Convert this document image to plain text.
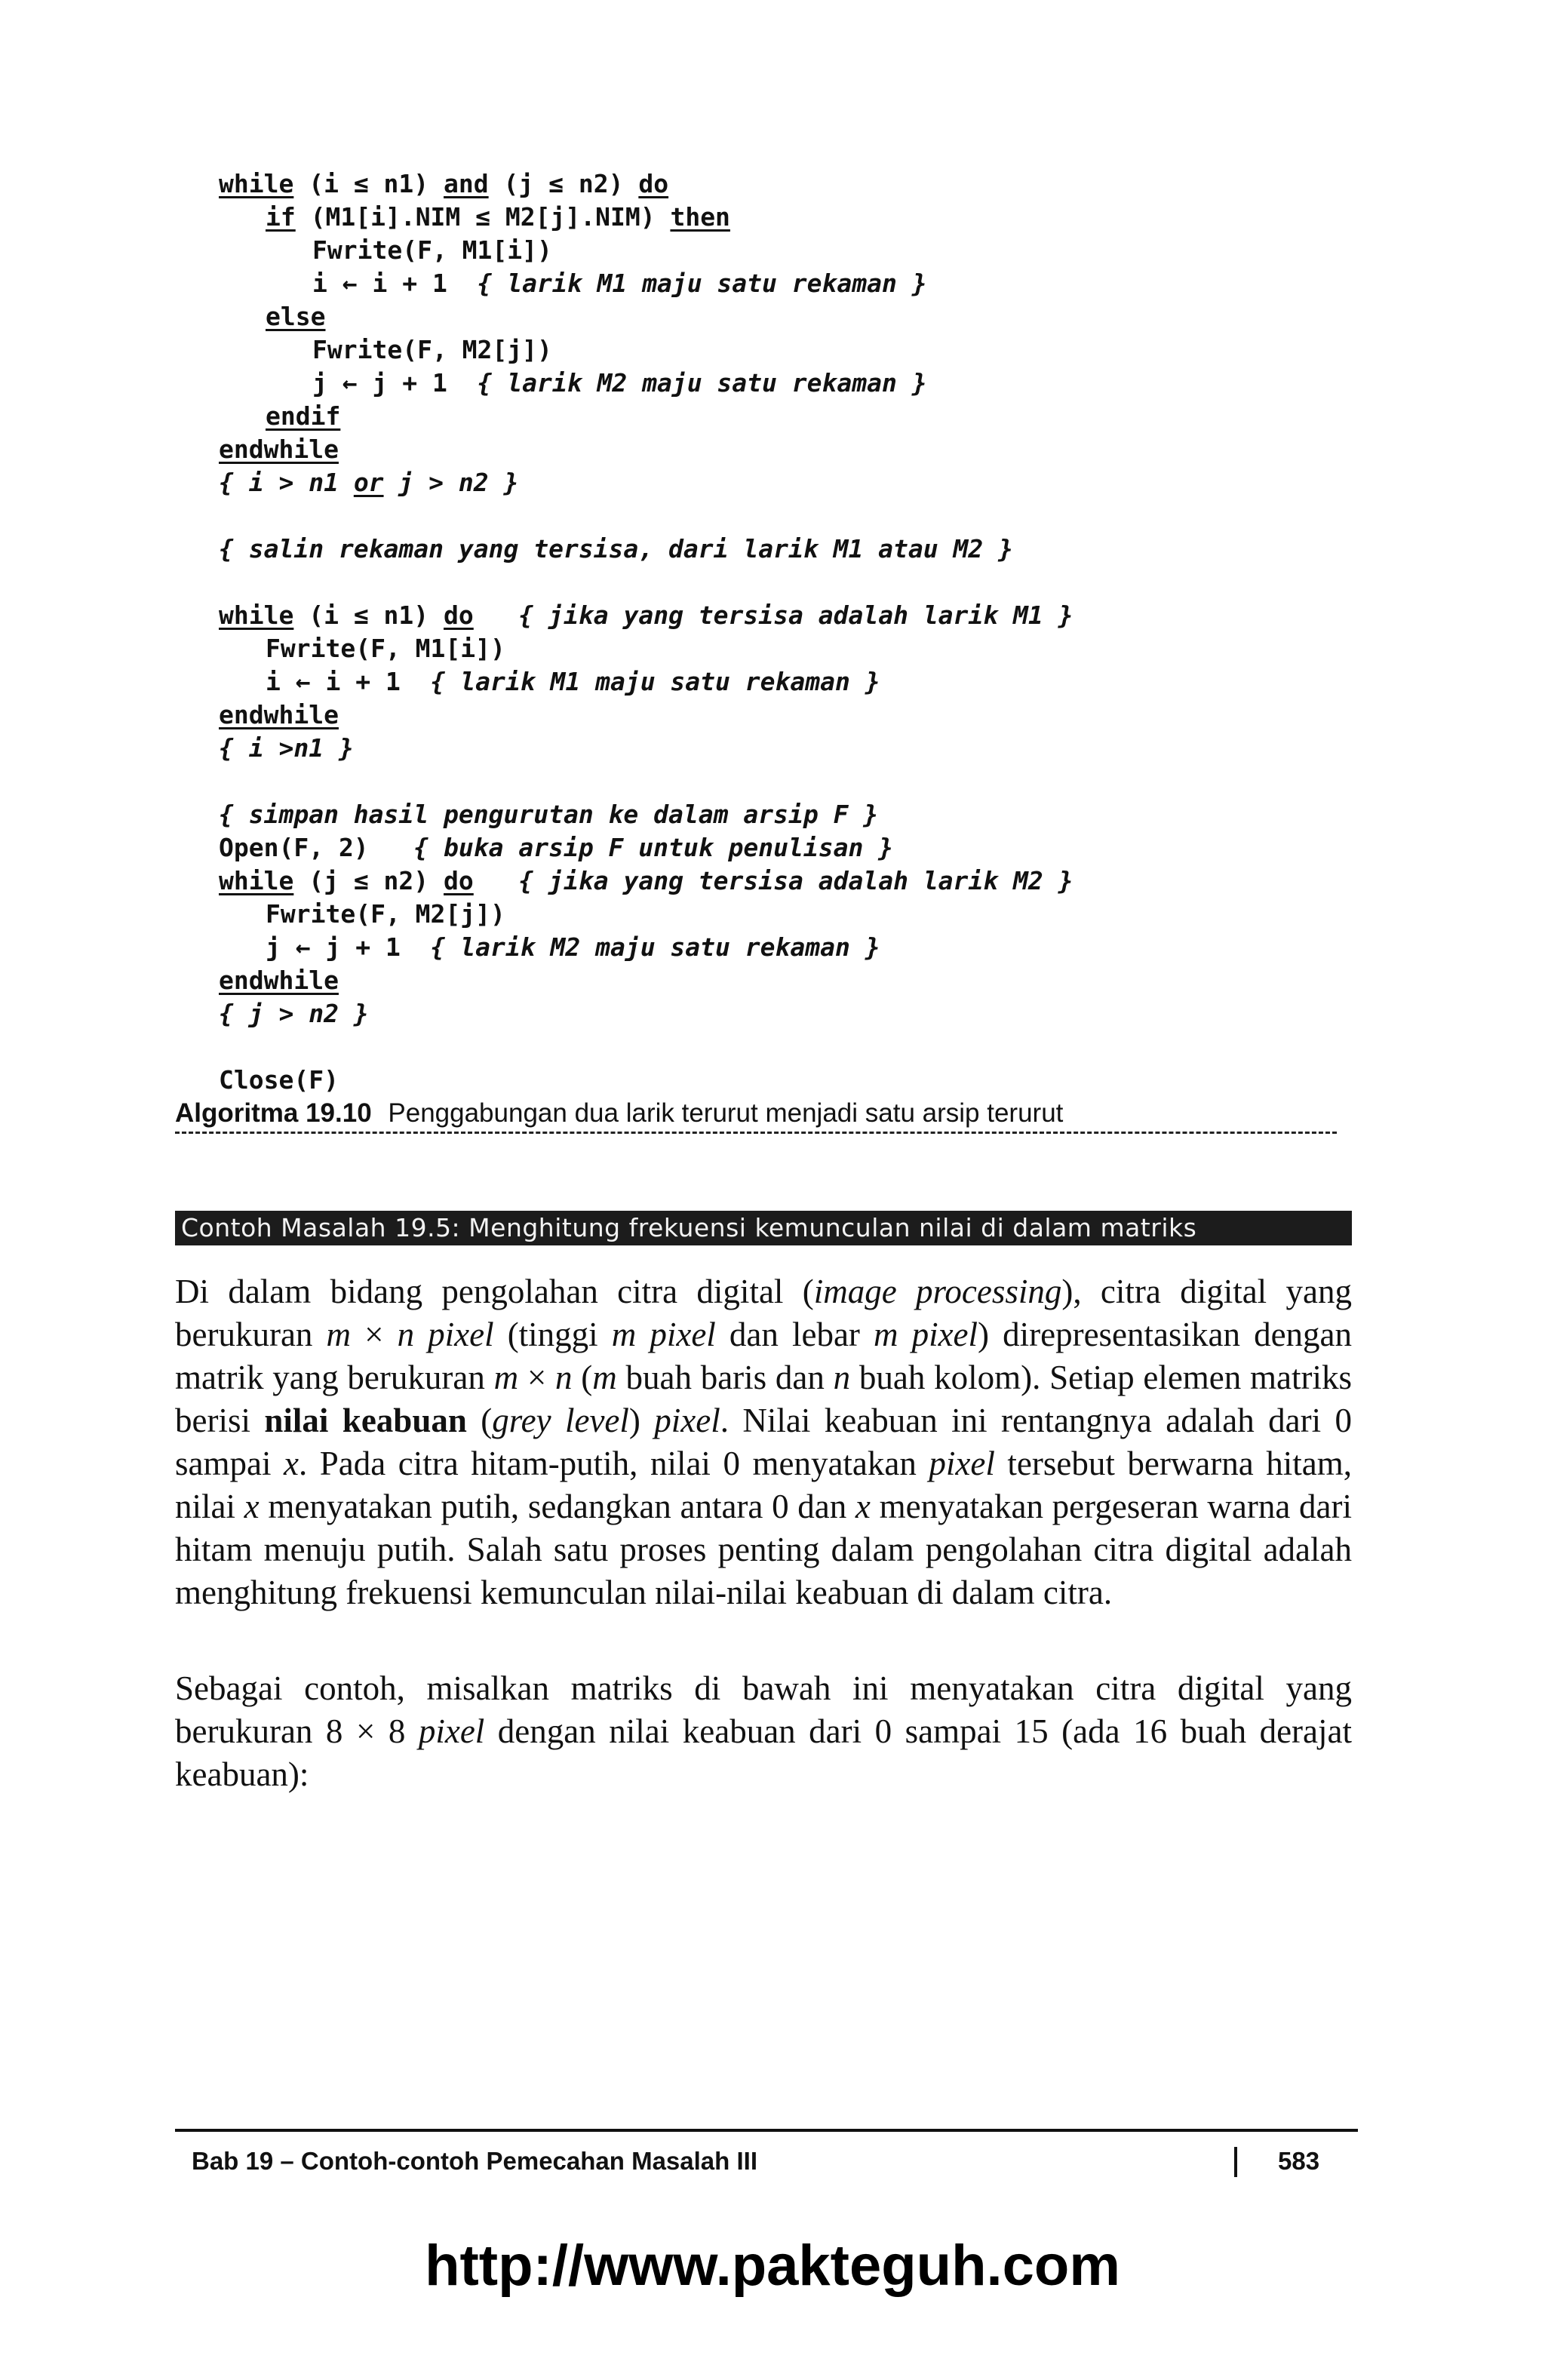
while (i ≤ n1) and (j ≤ n2) do
if (M1[i].NIM ≤ M2[j].NIM) then
Fwrite(F, M1[i])
i ← i + 1  { larik M1 maju satu rekaman }
else
Fwrite(F, M2[j])
j ← j + 1  { larik M2 maju satu rekaman }
endif
endwhile
{ i > n1 or j > n2 }
{ salin rekaman yang tersisa, dari larik M1 atau M2 }
while (i ≤ n1) do { jika yang tersisa adalah larik M1 }
Fwrite(F, M1[i])
i ← i + 1  { larik M1 maju satu rekaman }
endwhile
{ i >n1 }
{ simpan hasil pengurutan ke dalam arsip F }
Open(F, 2)   { buka arsip F untuk penulisan }
while (j ≤ n2) do { jika yang tersisa adalah larik M2 }
Fwrite(F, M2[j])
j ← j + 1  { larik M2 maju satu rekaman }
endwhile
{ j > n2 }
Close(F)
Algoritma 19.10 Penggabungan dua larik terurut menjadi satu arsip terurut
Contoh Masalah 19.5: Menghitung frekuensi kemunculan nilai di dalam matriks
Di dalam bidang pengolahan citra digital (image processing), citra digital yang berukuran m × n pixel (tinggi m pixel dan lebar m pixel) direpresentasikan dengan matrik yang berukuran m × n (m buah baris dan n buah kolom). Setiap elemen matriks berisi nilai keabuan (grey level) pixel. Nilai keabuan ini rentangnya adalah dari 0 sampai x. Pada citra hitam-putih, nilai 0 menyatakan pixel tersebut berwarna hitam, nilai x menyatakan putih, sedangkan antara 0 dan x menyatakan pergeseran warna dari hitam menuju putih. Salah satu proses penting dalam pengolahan citra digital adalah menghitung frekuensi kemunculan nilai-nilai keabuan di dalam citra.
Sebagai contoh, misalkan matriks di bawah ini menyatakan citra digital yang berukuran 8 × 8 pixel dengan nilai keabuan dari 0 sampai 15 (ada 16 buah derajat keabuan):
Bab 19 – Contoh-contoh Pemecahan Masalah III	583
http://www.pakteguh.com
